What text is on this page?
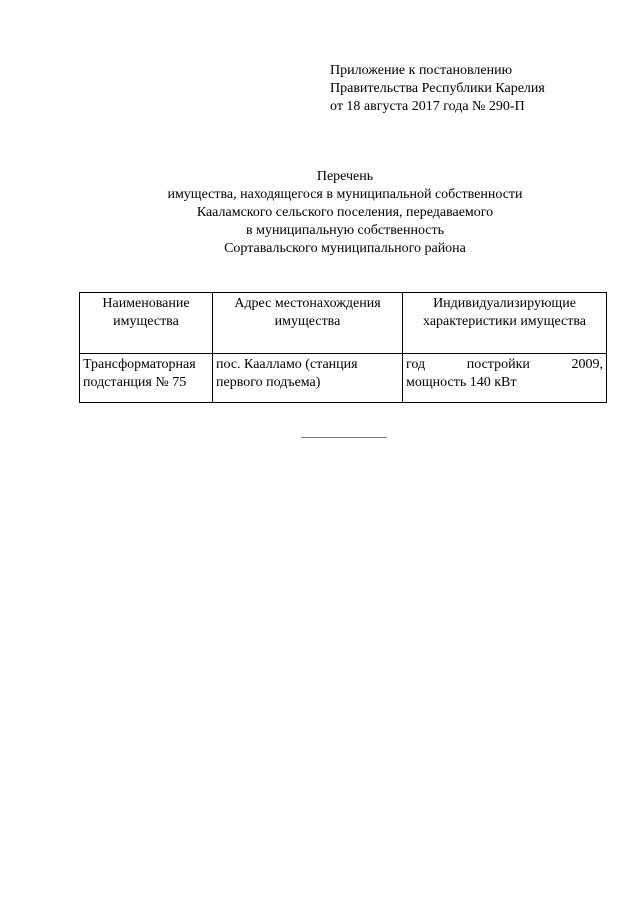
Приложение к постановлению
Правительства Республики Карелия
от 18 августа 2017 года № 290-П
Перечень
имущества, находящегося в муниципальной собственности
Кааламского сельского поселения, передаваемого
в муниципальную собственность
Сортавальского муниципального района
Наименование имущества	Адрес местонахождения имущества	Индивидуализирующие характеристики имущества
Трансформаторная подстанция № 75	пос. Каалламо (станция первого подъема)	год постройки 2009,
мощность 140 кВт
